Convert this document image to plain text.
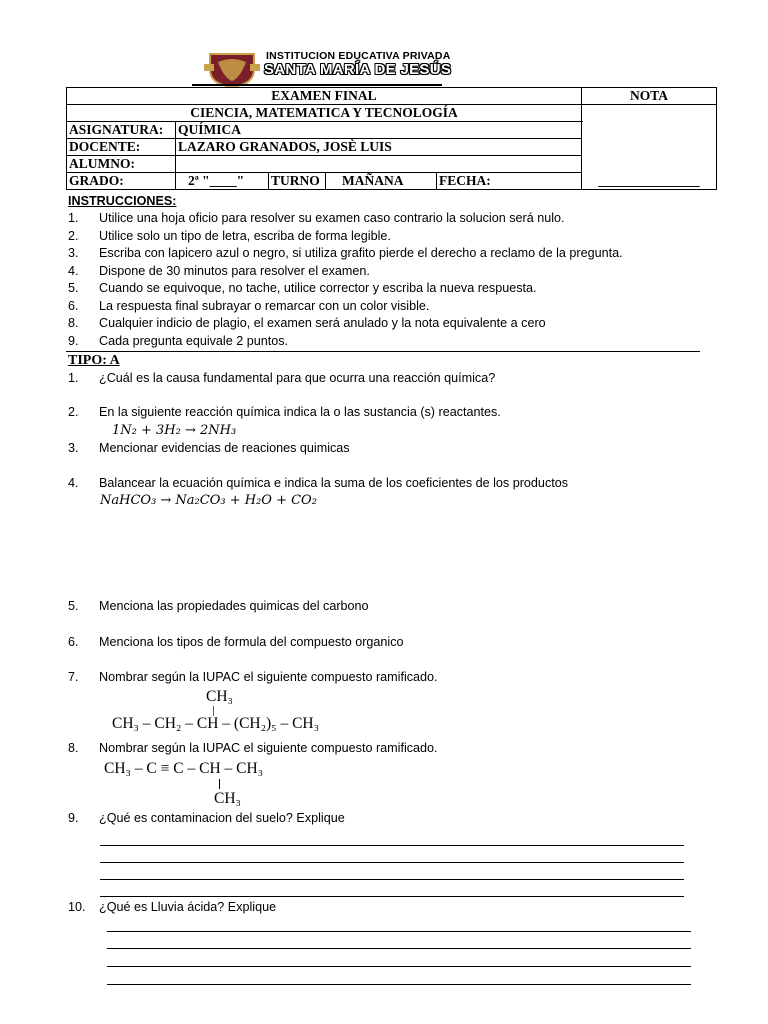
INSTITUCION EDUCATIVA PRIVADA
SANTA MARÍA DE JESÚS
EXAMEN FINAL					NOTA
CIENCIA, MATEMATICA Y TECNOLOGÍA					_______________
ASIGNATURA:	QUÍMICA				
DOCENTE:	LAZARO GRANADOS, JOSÈ LUIS				
ALUMNO:					
GRADO:	2ª "____"	TURNO	MAÑANA	FECHA:	
INSTRUCCIONES:
1. Utilice una hoja oficio para resolver su examen caso contrario la solucion será nulo.
2. Utilice solo un tipo de letra, escriba de forma legible.
3. Escriba con lapicero azul o negro, si utiliza grafito pierde el derecho a reclamo de la pregunta.
4. Dispone de 30 minutos para resolver el examen.
5. Cuando se equivoque, no tache, utilice corrector y escriba la nueva respuesta.
6. La respuesta final subrayar o remarcar con un color visible.
8. Cualquier indicio de plagio, el examen será anulado y la nota equivalente a cero
9. Cada pregunta equivale 2 puntos.
TIPO: A
1. ¿Cuál es la causa fundamental para que ocurra una reacción química?
2. En la siguiente reacción química indica la o las sustancia (s) reactantes.
1N₂ + 3H₂ → 2NH₃
3. Mencionar evidencias de reaciones quimicas
4. Balancear la ecuación química e indica la suma de los coeficientes de los productos
NaHCO₃ → Na₂CO₃ + H₂O + CO₂
5. Menciona las propiedades quimicas del carbono
6. Menciona los tipos de formula del compuesto organico
7. Nombrar según la IUPAC el siguiente compuesto ramificado.
CH₃
CH₃ – CH₂ – CH – (CH₂)₅ – CH₃
8. Nombrar según la IUPAC el siguiente compuesto ramificado.
CH₃ – C ≡ C – CH – CH₃
CH₃
9. ¿Qué es contaminacion del suelo? Explique
10. ¿Qué es Lluvia ácida? Explique
